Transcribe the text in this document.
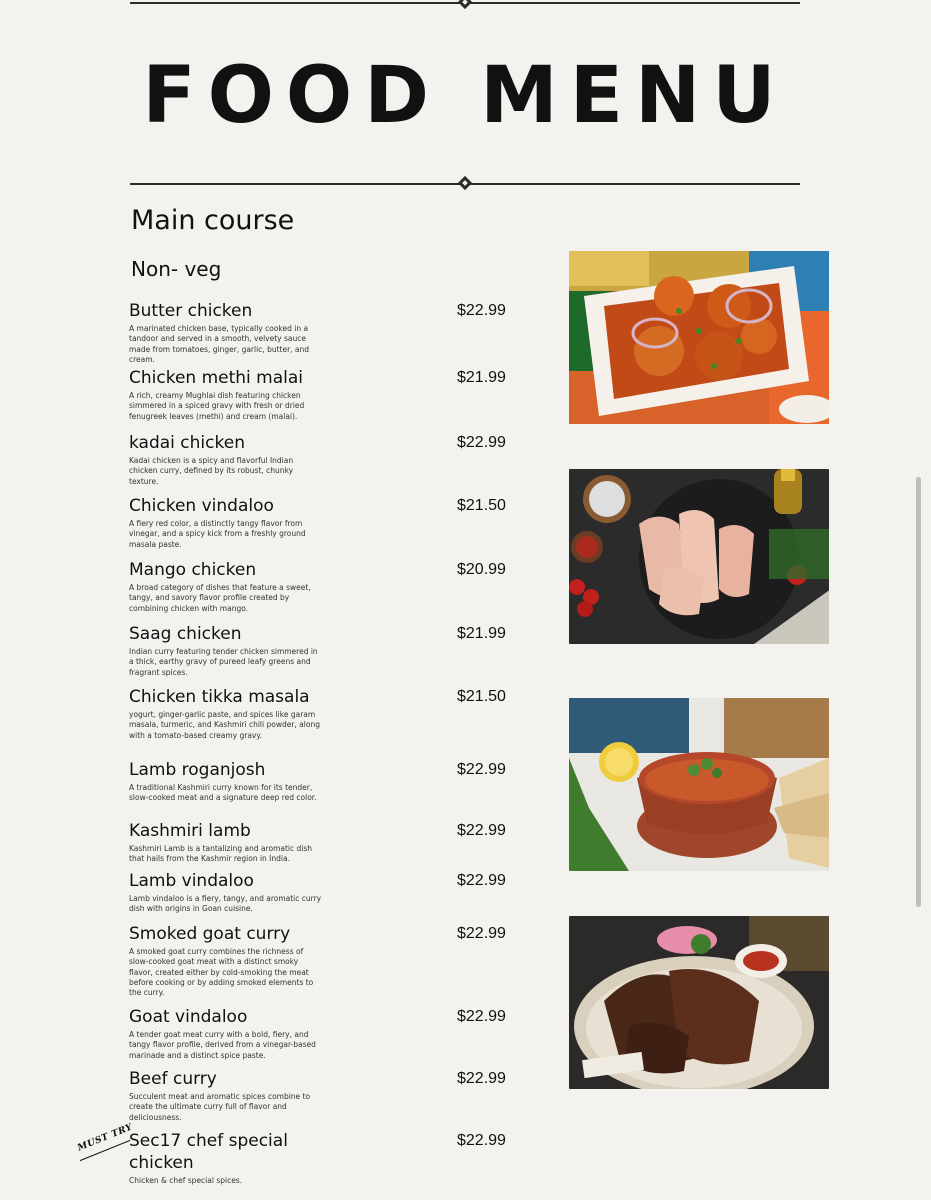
FOOD MENU
Main course
Non- veg
Butter chicken
A marinated chicken base, typically cooked in a tandoor and served in a smooth, velvety sauce made from tomatoes, ginger, garlic, butter, and cream.
$22.99
Chicken methi malai
A rich, creamy Mughlai dish featuring chicken simmered in a spiced gravy with fresh or dried fenugreek leaves (methi) and cream (malai).
$21.99
kadai chicken
Kadai chicken is a spicy and flavorful Indian chicken curry, defined by its robust, chunky texture.
$22.99
Chicken vindaloo
A fiery red color, a distinctly tangy flavor from vinegar, and a spicy kick from a freshly ground masala paste.
$21.50
Mango chicken
A broad category of dishes that feature a sweet, tangy, and savory flavor profile created by combining chicken with mango.
$20.99
Saag chicken
Indian curry featuring tender chicken simmered in a thick, earthy gravy of pureed leafy greens and fragrant spices.
$21.99
Chicken tikka masala
yogurt, ginger-garlic paste, and spices like garam masala, turmeric, and Kashmiri chili powder, along with a tomato-based creamy gravy.
$21.50
Lamb roganjosh
A traditional Kashmiri curry known for its tender, slow-cooked meat and a signature deep red color.
$22.99
Kashmiri lamb
Kashmiri Lamb is a tantalizing and aromatic dish that hails from the Kashmir region in India.
$22.99
Lamb vindaloo
Lamb vindaloo is a fiery, tangy, and aromatic curry dish with origins in Goan cuisine.
$22.99
Smoked goat curry
A smoked goat curry combines the richness of slow-cooked goat meat with a distinct smoky flavor, created either by cold-smoking the meat before cooking or by adding smoked elements to the curry.
$22.99
Goat vindaloo
A tender goat meat curry with a bold, fiery, and tangy flavor profile, derived from a vinegar-based marinade and a distinct spice paste.
$22.99
Beef curry
Succulent meat and aromatic spices combine to create the ultimate curry full of flavor and deliciousness.
$22.99
Sec17 chef special chicken
Chicken & chef special spices.
$22.99
MUST TRY
